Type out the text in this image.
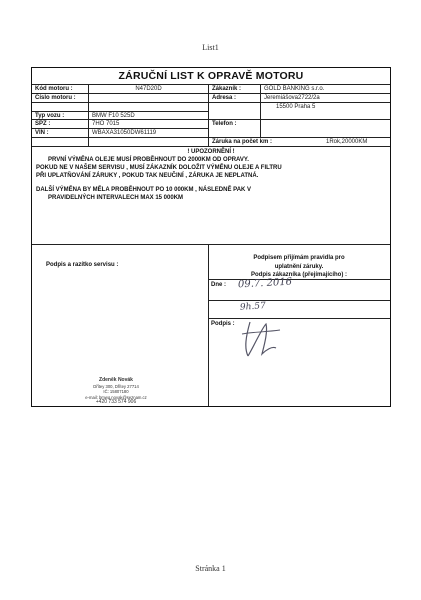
List1
ZÁRUČNÍ LIST K OPRAVĚ MOTORU
Kód motoru :	N47D20D
Číslo motoru :
Typ vozu :	BMW F10 525D
SPZ :	7HO 7015
VIN :	WBAXA31050DW61119
Zákazník :	GOLD BANKING s.r.o.
Adresa :	Jeremiášova2722/2a
15500 Praha 5
Telefon :
Záruka na počet km :	1Rok,20000KM
! UPOZORNĚNÍ !
PRVNÍ VÝMĚNA OLEJE MUSÍ PROBĚHNOUT DO 2000KM OD OPRAVY.
POKUD NE V NAŠEM SERVISU , MUSÍ ZÁKAZNÍK DOLOŽIT VÝMĚNU OLEJE A FILTRU
PŘI UPLATŇOVÁNÍ ZÁRUKY , POKUD TAK NEUČINÍ , ZÁRUKA JE NEPLATNÁ.
DALŠÍ VÝMĚNA BY MĚLA PROBĚHNOUT PO 10 000KM , NÁSLEDNĚ PAK V
PRAVIDELNÝCH INTERVALECH MAX 15 000KM
Podpis a razítko servisu :
Podpisem přijímám pravidla pro
uplatnění záruky.
Podpis zákazníka (přejímajícího) :
Dne : 09.7. 2016
9h.57
Podpis :
Zdeněk Novák
Dřítey 300, Dřítey 27714
IČ: 15807180
e-mail: bmwq.novak@seznam.cz
+420 733 574 906
Stránka 1
